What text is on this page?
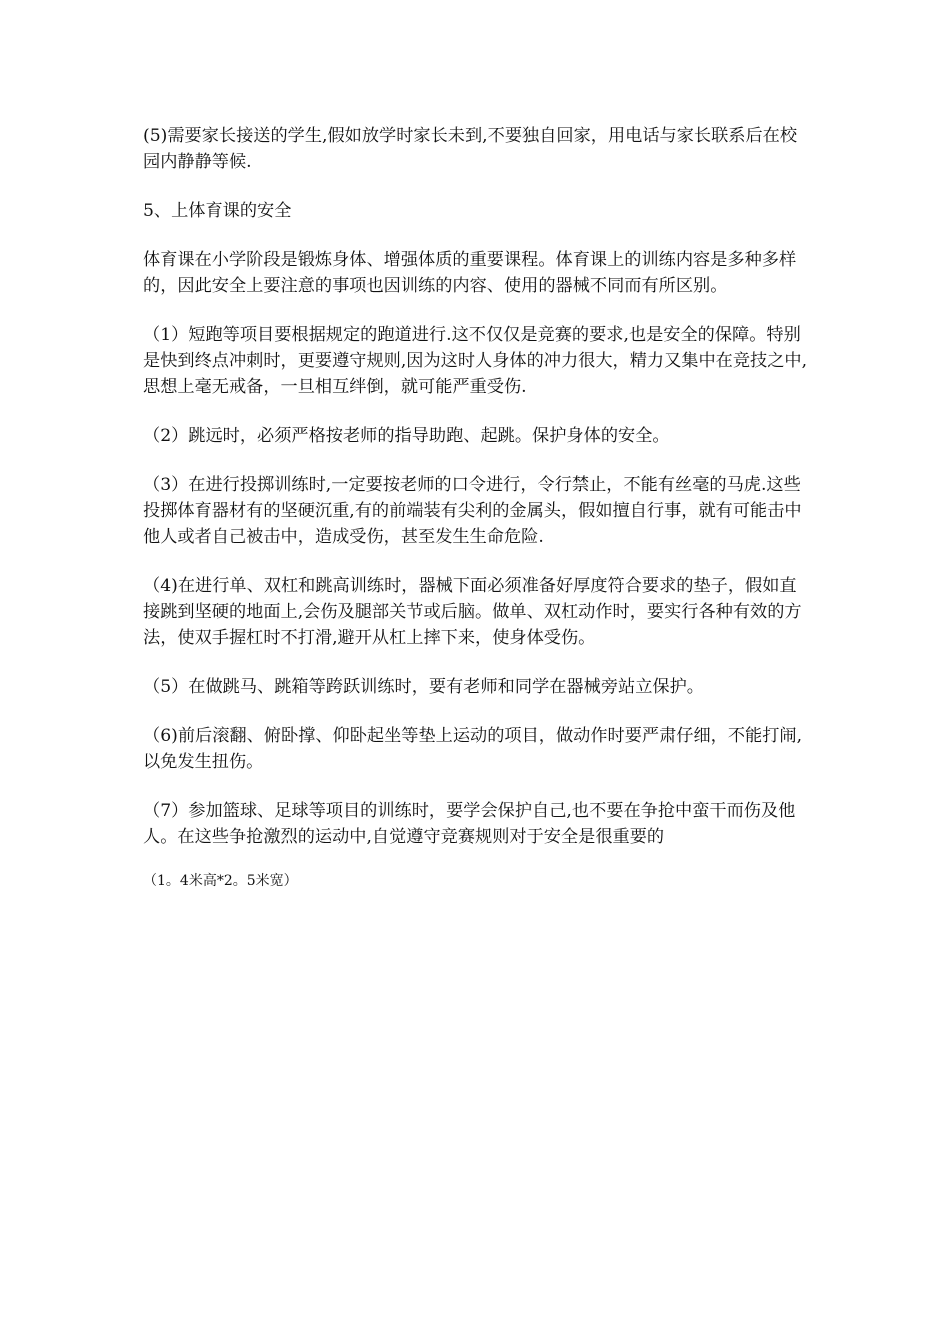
(5)需要家长接送的学生,假如放学时家长未到,不要独自回家，用电话与家长联系后在校园内静静等候.

5、上体育课的安全

体育课在小学阶段是锻炼身体、增强体质的重要课程。体育课上的训练内容是多种多样的，因此安全上要注意的事项也因训练的内容、使用的器械不同而有所区别。

（1）短跑等项目要根据规定的跑道进行.这不仅仅是竞赛的要求,也是安全的保障。特别是快到终点冲刺时，更要遵守规则,因为这时人身体的冲力很大，精力又集中在竞技之中,思想上毫无戒备，一旦相互绊倒，就可能严重受伤.

（2）跳远时，必须严格按老师的指导助跑、起跳。保护身体的安全。

（3）在进行投掷训练时,一定要按老师的口令进行，令行禁止，不能有丝毫的马虎.这些投掷体育器材有的坚硬沉重,有的前端装有尖利的金属头，假如擅自行事，就有可能击中他人或者自己被击中，造成受伤，甚至发生生命危险.

（4)在进行单、双杠和跳高训练时，器械下面必须准备好厚度符合要求的垫子，假如直接跳到坚硬的地面上,会伤及腿部关节或后脑。做单、双杠动作时，要实行各种有效的方法，使双手握杠时不打滑,避开从杠上摔下来，使身体受伤。

（5）在做跳马、跳箱等跨跃训练时，要有老师和同学在器械旁站立保护。

（6)前后滚翻、俯卧撑、仰卧起坐等垫上运动的项目，做动作时要严肃仔细，不能打闹,以免发生扭伤。

（7）参加篮球、足球等项目的训练时，要学会保护自己,也不要在争抢中蛮干而伤及他人。在这些争抢激烈的运动中,自觉遵守竞赛规则对于安全是很重要的

（1。4米高*2。5米宽）
